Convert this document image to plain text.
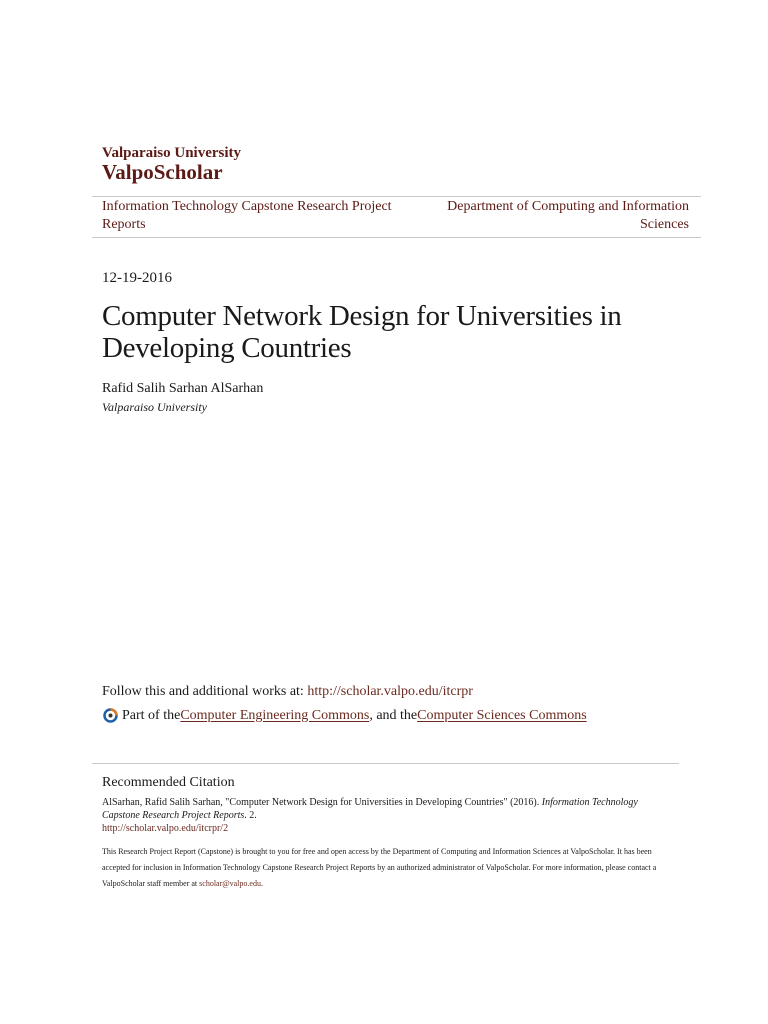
Valparaiso University
ValpoScholar
Information Technology Capstone Research Project Reports
Department of Computing and Information Sciences
12-19-2016
Computer Network Design for Universities in Developing Countries
Rafid Salih Sarhan AlSarhan
Valparaiso University
Follow this and additional works at: http://scholar.valpo.edu/itcrpr
Part of the Computer Engineering Commons , and the Computer Sciences Commons
Recommended Citation
AlSarhan, Rafid Salih Sarhan, "Computer Network Design for Universities in Developing Countries" (2016). Information Technology Capstone Research Project Reports. 2.
http://scholar.valpo.edu/itcrpr/2
This Research Project Report (Capstone) is brought to you for free and open access by the Department of Computing and Information Sciences at ValpoScholar. It has been accepted for inclusion in Information Technology Capstone Research Project Reports by an authorized administrator of ValpoScholar. For more information, please contact a ValpoScholar staff member at scholar@valpo.edu.
